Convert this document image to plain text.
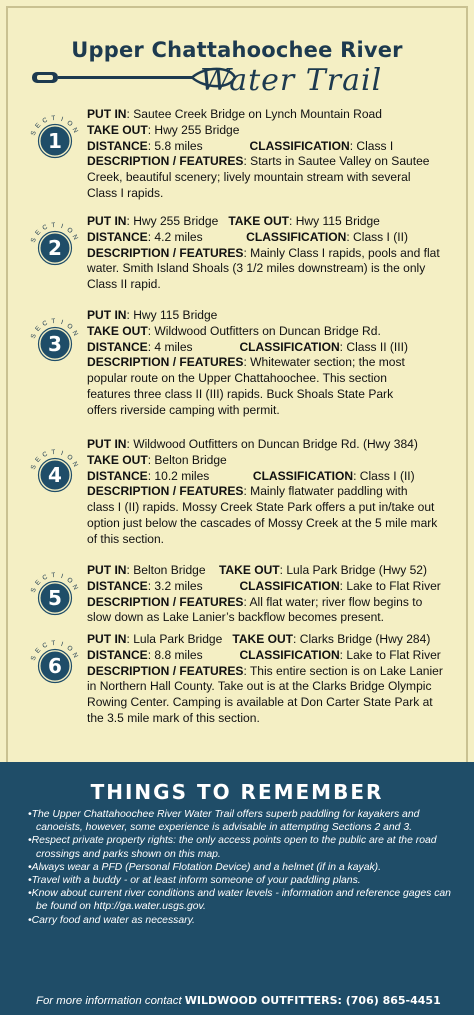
Upper Chattahoochee River
Water Trail
S
E
C T I O
N
1
PUT IN: Sautee Creek Bridge on Lynch Mountain Road
TAKE OUT: Hwy 255 Bridge
DISTANCE: 5.8 miles              CLASSIFICATION: Class I
DESCRIPTION / FEATURES: Starts in Sautee Valley on Sautee
Creek, beautiful scenery; lively mountain stream with several
Class I rapids.
S
E
C T I O
N
2
PUT IN: Hwy 255 Bridge   TAKE OUT: Hwy 115 Bridge
DISTANCE: 4.2 miles             CLASSIFICATION: Class I (II)
DESCRIPTION / FEATURES: Mainly Class I rapids, pools and flat
water. Smith Island Shoals (3 1/2 miles downstream) is the only
Class II rapid.
S
E
C T I O
N
3
PUT IN: Hwy 115 Bridge
TAKE OUT: Wildwood Outfitters on Duncan Bridge Rd.
DISTANCE: 4 miles              CLASSIFICATION: Class II (III)
DESCRIPTION / FEATURES: Whitewater section; the most
popular route on the Upper Chattahoochee. This section
features three class II (III) rapids. Buck Shoals State Park
offers riverside camping with permit.
S
E
C T I O
N
4
PUT IN: Wildwood Outfitters on Duncan Bridge Rd. (Hwy 384)
TAKE OUT: Belton Bridge
DISTANCE: 10.2 miles             CLASSIFICATION: Class I (II)
DESCRIPTION / FEATURES: Mainly flatwater paddling with
class I (II) rapids. Mossy Creek State Park offers a put in/take out
option just below the cascades of Mossy Creek at the 5 mile mark
of this section.
S
E
C T I O
N
5
PUT IN: Belton Bridge    TAKE OUT: Lula Park Bridge (Hwy 52)
DISTANCE: 3.2 miles           CLASSIFICATION: Lake to Flat River
DESCRIPTION / FEATURES: All flat water; river flow begins to
slow down as Lake Lanier’s backflow becomes present.
S
E
C T I O
N
6
PUT IN: Lula Park Bridge   TAKE OUT: Clarks Bridge (Hwy 284)
DISTANCE: 8.8 miles           CLASSIFICATION: Lake to Flat River
DESCRIPTION / FEATURES: This entire section is on Lake Lanier
in Northern Hall County. Take out is at the Clarks Bridge Olympic
Rowing Center. Camping is available at Don Carter State Park at
the 3.5 mile mark of this section.
THINGS TO REMEMBER

• The Upper Chattahoochee River Water Trail offers superb paddling for kayakers and canoeists, however, some experience is advisable in attempting Sections 2 and 3.

• Respect private property rights: the only access points open to the public are at the road crossings and parks shown on this map.

• Always wear a PFD (Personal Flotation Device) and a helmet (if in a kayak).

• Travel with a buddy - or at least inform someone of your paddling plans.

• Know about current river conditions and water levels - information and reference gages can be found on http://ga.water.usgs.gov.

• Carry food and water as necessary.

For more information contact WILDWOOD OUTFITTERS: (706) 865-4451
